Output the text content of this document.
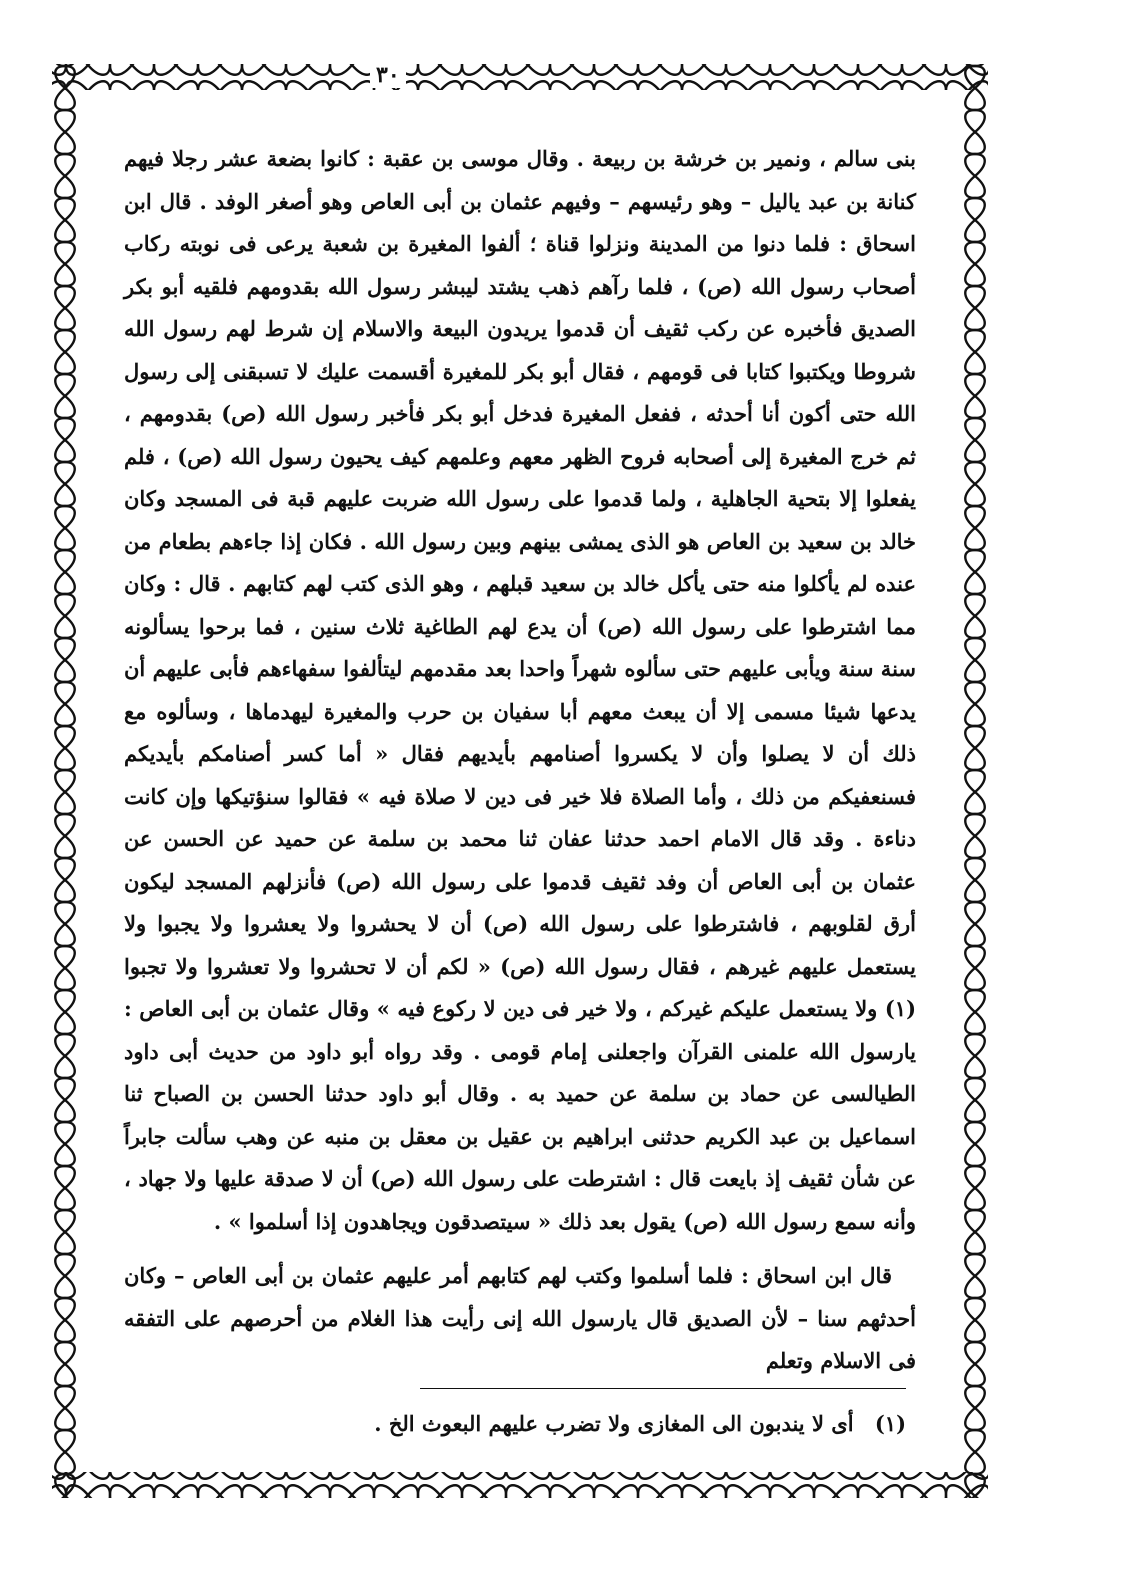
٣٠

بنى سالم ، ونمير بن خرشة بن ربيعة . وقال موسى بن عقبة : كانوا بضعة عشر رجلا فيهم كنانة بن عبد ياليل – وهو رئيسهم – وفيهم عثمان بن أبى العاص وهو أصغر الوفد . قال ابن اسحاق : فلما دنوا من المدينة ونزلوا قناة ؛ ألفوا المغيرة بن شعبة يرعى فى نوبته ركاب أصحاب رسول الله (ص) ، فلما رآهم ذهب يشتد ليبشر رسول الله بقدومهم فلقيه أبو بكر الصديق فأخبره عن ركب ثقيف أن قدموا يريدون البيعة والاسلام إن شرط لهم رسول الله شروطا ويكتبوا كتابا فى قومهم ، فقال أبو بكر للمغيرة أقسمت عليك لا تسبقنى إلى رسول الله حتى أكون أنا أحدثه ، ففعل المغيرة فدخل أبو بكر فأخبر رسول الله (ص) بقدومهم ، ثم خرج المغيرة إلى أصحابه فروح الظهر معهم وعلمهم كيف يحيون رسول الله (ص) ، فلم يفعلوا إلا بتحية الجاهلية ، ولما قدموا على رسول الله ضربت عليهم قبة فى المسجد وكان خالد بن سعيد بن العاص هو الذى يمشى بينهم وبين رسول الله . فكان إذا جاءهم بطعام من عنده لم يأكلوا منه حتى يأكل خالد بن سعيد قبلهم ، وهو الذى كتب لهم كتابهم . قال : وكان مما اشترطوا على رسول الله (ص) أن يدع لهم الطاغية ثلاث سنين ، فما برحوا يسألونه سنة سنة ويأبى عليهم حتى سألوه شهراً واحدا بعد مقدمهم ليتألفوا سفهاءهم فأبى عليهم أن يدعها شيئا مسمى إلا أن يبعث معهم أبا سفيان بن حرب والمغيرة ليهدماها ، وسألوه مع ذلك أن لا يصلوا وأن لا يكسروا أصنامهم بأيديهم فقال « أما كسر أصنامكم بأيديكم فسنعفيكم من ذلك ، وأما الصلاة فلا خير فى دين لا صلاة فيه » فقالوا سنؤتيكها وإن كانت دناءة . وقد قال الامام احمد حدثنا عفان ثنا محمد بن سلمة عن حميد عن الحسن عن عثمان بن أبى العاص أن وفد ثقيف قدموا على رسول الله (ص) فأنزلهم المسجد ليكون أرق لقلوبهم ، فاشترطوا على رسول الله (ص) أن لا يحشروا ولا يعشروا ولا يجبوا ولا يستعمل عليهم غيرهم ، فقال رسول الله (ص) « لكم أن لا تحشروا ولا تعشروا ولا تجبوا (١) ولا يستعمل عليكم غيركم ، ولا خير فى دين لا ركوع فيه » وقال عثمان بن أبى العاص : يارسول الله علمنى القرآن واجعلنى إمام قومى . وقد رواه أبو داود من حديث أبى داود الطيالسى عن حماد بن سلمة عن حميد به . وقال أبو داود حدثنا الحسن بن الصباح ثنا اسماعيل بن عبد الكريم حدثنى ابراهيم بن عقيل بن معقل بن منبه عن وهب سألت جابراً عن شأن ثقيف إذ بايعت قال : اشترطت على رسول الله (ص) أن لا صدقة عليها ولا جهاد ، وأنه سمع رسول الله (ص) يقول بعد ذلك « سيتصدقون ويجاهدون إذا أسلموا » .

قال ابن اسحاق : فلما أسلموا وكتب لهم كتابهم أمر عليهم عثمان بن أبى العاص – وكان أحدثهم سنا – لأن الصديق قال يارسول الله إنى رأيت هذا الغلام من أحرصهم على التفقه فى الاسلام وتعلم

(١) أى لا يندبون الى المغازى ولا تضرب عليهم البعوث الخ .
